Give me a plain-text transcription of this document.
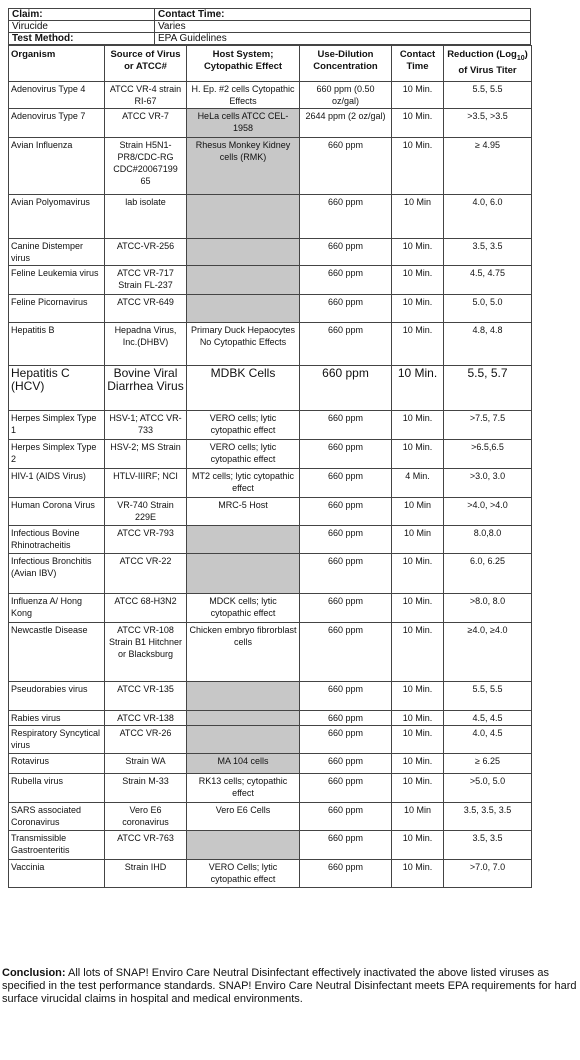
Claim:	Contact Time:
Virucide	Varies
Test Method:	EPA Guidelines
Organism	Source of Virus or ATCC#	Host System; Cytopathic Effect	Use-Dilution Concentration	Contact Time	Reduction (Log$_{10}$) of Virus Titer
Adenovirus Type 4	ATCC VR-4 strain RI-67	H. Ep. #2 cells Cytopathic Effects	660 ppm (0.50 oz/gal)	10 Min.	5.5, 5.5
Adenovirus Type 7	ATCC VR-7	HeLa cells ATCC CEL-1958	2644 ppm (2 oz/gal)	10 Min.	>3.5, >3.5
Avian Influenza	Strain H5N1-PR8/CDC-RG CDC#20067199 65	Rhesus Monkey Kidney cells (RMK)	660 ppm	10 Min.	≥ 4.95
Avian Polyomavirus	lab isolate		660 ppm	10 Min	4.0, 6.0
Canine Distemper virus	ATCC-VR-256		660 ppm	10 Min.	3.5, 3.5
Feline Leukemia virus	ATCC VR-717 Strain FL-237		660 ppm	10 Min.	4.5, 4.75
Feline Picornavirus	ATCC VR-649		660 ppm	10 Min.	5.0, 5.0
Hepatitis B	Hepadna Virus, Inc.(DHBV)	Primary Duck Hepaocytes No Cytopathic Effects	660 ppm	10 Min.	4.8, 4.8
Hepatitis C (HCV)	Bovine Viral Diarrhea Virus	MDBK Cells	660 ppm	10 Min.	5.5, 5.7
Herpes Simplex Type 1	HSV-1; ATCC VR-733	VERO cells; lytic cytopathic effect	660 ppm	10 Min.	>7.5, 7.5
Herpes Simplex Type 2	HSV-2; MS Strain	VERO cells; lytic cytopathic effect	660 ppm	10 Min.	>6.5,6.5
HIV-1 (AIDS Virus)	HTLV-IIIRF; NCI	MT2 cells; lytic cytopathic effect	660 ppm	4 Min.	>3.0, 3.0
Human Corona Virus	VR-740 Strain 229E	MRC-5 Host	660 ppm	10 Min	>4.0, >4.0
Infectious Bovine Rhinotracheitis	ATCC VR-793		660 ppm	10 Min	8.0,8.0
Infectious Bronchitis (Avian IBV)	ATCC VR-22		660 ppm	10 Min.	6.0, 6.25
Influenza A/ Hong Kong	ATCC 68-H3N2	MDCK cells; lytic cytopathic effect	660 ppm	10 Min.	>8.0, 8.0
Newcastle Disease	ATCC VR-108 Strain B1 Hitchner or Blacksburg	Chicken embryo fibrorblast cells	660 ppm	10 Min.	≥4.0, ≥4.0
Pseudorabies virus	ATCC VR-135		660 ppm	10 Min.	5.5, 5.5
Rabies virus	ATCC VR-138		660 ppm	10 Min.	4.5, 4.5
Respiratory Syncytical virus	ATCC VR-26		660 ppm	10 Min.	4.0, 4.5
Rotavirus	Strain WA	MA 104 cells	660 ppm	10 Min.	≥ 6.25
Rubella virus	Strain M-33	RK13 cells; cytopathic effect	660 ppm	10 Min.	>5.0, 5.0
SARS associated Coronavirus	Vero E6 coronavirus	Vero E6 Cells	660 ppm	10 Min	3.5, 3.5, 3.5
Transmissible Gastroenteritis	ATCC VR-763		660 ppm	10 Min.	3.5, 3.5
Vaccinia	Strain IHD	VERO Cells; lytic cytopathic effect	660 ppm	10 Min.	>7.0, 7.0

Conclusion: All lots of SNAP! Enviro Care Neutral Disinfectant effectively inactivated the above listed viruses as specified in the test performance standards. SNAP! Enviro Care Neutral Disinfectant meets EPA requirements for hard surface virucidal claims in hospital and medical environments.
